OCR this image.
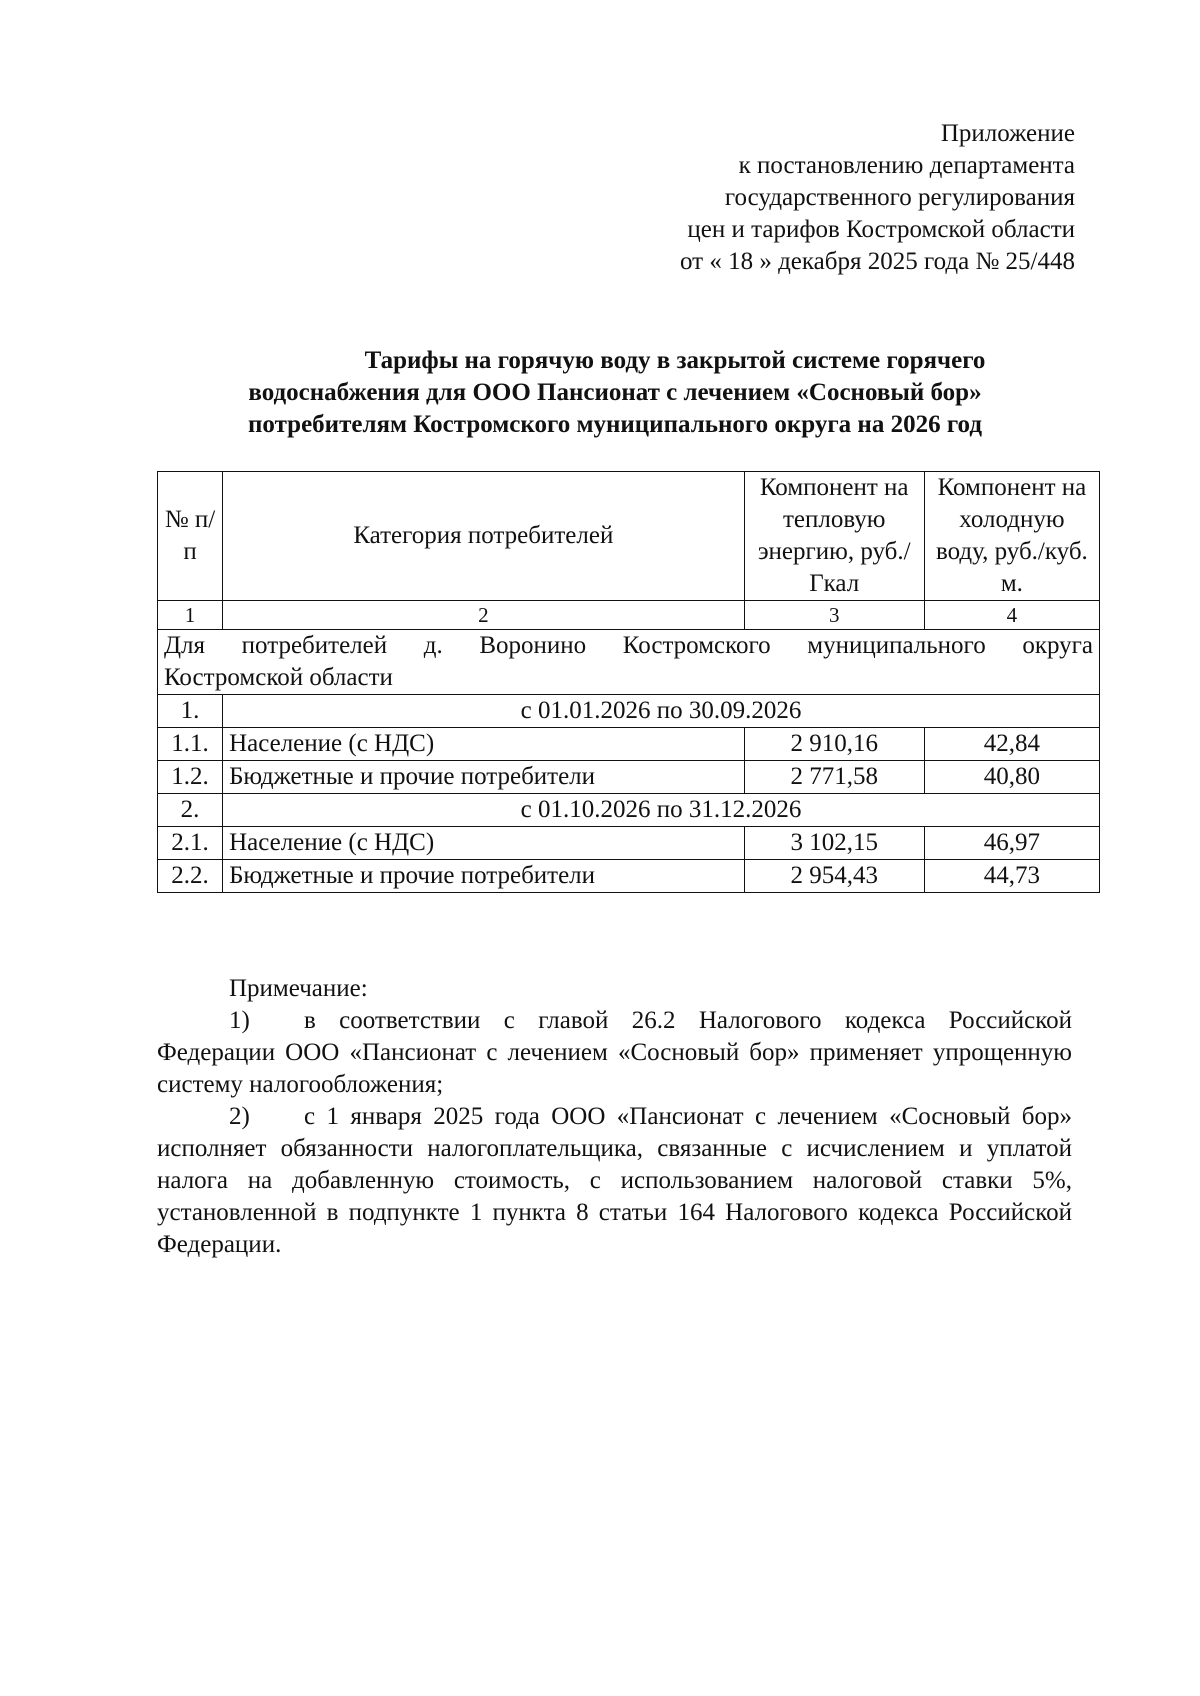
Приложение
к постановлению департамента
государственного регулирования
цен и тарифов Костромской области
от « 18 » декабря 2025 года № 25/448
Тарифы на горячую воду в закрытой системе горячего
водоснабжения для ООО Пансионат с лечением «Сосновый бор»
потребителям Костромского муниципального округа на 2026 год
№ п/п	Категория потребителей	Компонент на тепловую энергию, руб./Гкал	Компонент на холодную воду, руб./куб. м.
1	2	3	4
Для потребителей д. Воронино Костромского муниципального округа
Костромской области			

1.	с 01.01.2026 по 30.09.2026		
1.1.	Население (с НДС)	2 910,16	42,84
1.2.	Бюджетные и прочие потребители	2 771,58	40,80
2.	с 01.10.2026 по 31.12.2026		
2.1.	Население (с НДС)	3 102,15	46,97
2.2.	Бюджетные и прочие потребители	2 954,43	44,73

Примечание:

1) в соответствии с главой 26.2 Налогового кодекса Российской Федерации ООО «Пансионат с лечением «Сосновый бор» применяет упрощенную систему налогообложения;

2) с 1 января 2025 года ООО «Пансионат с лечением «Сосновый бор» исполняет обязанности налогоплательщика, связанные с исчислением и уплатой налога на добавленную стоимость, с использованием налоговой ставки 5%, установленной в подпункте 1 пункта 8 статьи 164 Налогового кодекса Российской Федерации.
